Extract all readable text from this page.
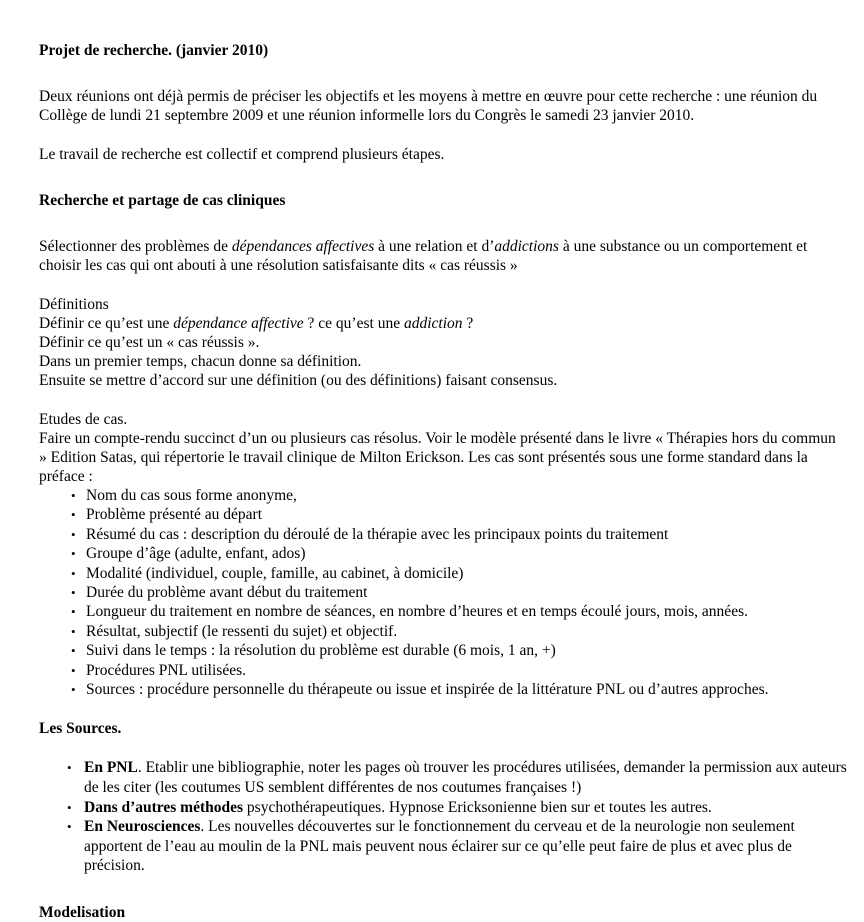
Projet de recherche. (janvier 2010)

Deux réunions ont déjà permis de préciser les objectifs et les moyens à mettre en œuvre pour cette recherche : une réunion du Collège de lundi 21 septembre 2009 et une réunion informelle lors du Congrès le samedi 23 janvier 2010.

Le travail de recherche est collectif et comprend plusieurs étapes.

Recherche et partage de cas cliniques

Sélectionner des problèmes de dépendances affectives à une relation et d’addictions à une substance ou un comportement et choisir les cas qui ont abouti à une résolution satisfaisante dits « cas réussis »

Définitions
Définir ce qu’est une dépendance affective ? ce qu’est une addiction ?
Définir ce qu’est un « cas réussis ».
Dans un premier temps, chacun donne sa définition.
Ensuite se mettre d’accord sur une définition (ou des définitions) faisant consensus.
Etudes de cas.

Faire un compte-rendu succinct d’un ou plusieurs cas résolus. Voir le modèle présenté dans le livre « Thérapies hors du commun » Edition Satas, qui répertorie le travail clinique de Milton Erickson. Les cas sont présentés sous une forme standard dans la préface :

• Nom du cas sous forme anonyme,
• Problème présenté au départ
• Résumé du cas : description du déroulé de la thérapie avec les principaux points du traitement
• Groupe d’âge (adulte, enfant, ados)
• Modalité (individuel, couple, famille, au cabinet, à domicile)
• Durée du problème avant début du traitement
• Longueur du traitement en nombre de séances, en nombre d’heures et en temps écoulé jours, mois, années.
• Résultat, subjectif (le ressenti du sujet) et objectif.
• Suivi dans le temps : la résolution du problème est durable (6 mois, 1 an, +)
• Procédures PNL utilisées.
• Sources : procédure personnelle du thérapeute ou issue et inspirée de la littérature PNL ou d’autres approches.
Les Sources.
• En PNL. Etablir une bibliographie, noter les pages où trouver les procédures utilisées, demander la permission aux auteurs de les citer (les coutumes US semblent différentes de nos coutumes françaises !)
• Dans d’autres méthodes psychothérapeutiques. Hypnose Ericksonienne bien sur et toutes les autres.
• En Neurosciences. Les nouvelles découvertes sur le fonctionnement du cerveau et de la neurologie non seulement apportent de l’eau au moulin de la PNL mais peuvent nous éclairer sur ce qu’elle peut faire de plus et avec plus de précision.
Modelisation
